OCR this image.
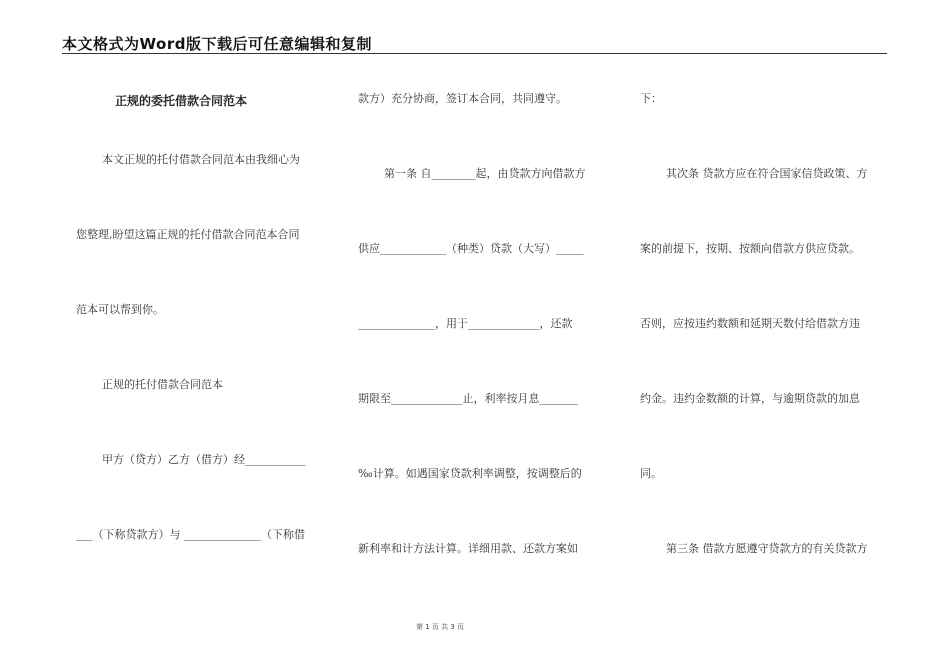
本文格式为Word版下载后可任意编辑和复制
正规的委托借款合同范本
本文正规的托付借款合同范本由我细心为
您整理,盼望这篇正规的托付借款合同范本合同
范本可以帮到你。
正规的托付借款合同范本
甲方（贷方）乙方（借方）经___________
___（下称贷款方）与 ______________（下称借
款方）充分协商，签订本合同，共同遵守。
第一条 自________起，由贷款方向借款方
供应____________（种类）贷款（大写）_____
______________，用于_____________，还款
期限至_____________止，利率按月息_______
‰计算。如遇国家贷款利率调整，按调整后的
新利率和计方法计算。详细用款、还款方案如
下：
其次条 贷款方应在符合国家信贷政策、方
案的前提下，按期、按额向借款方供应贷款。
否则，应按违约数额和延期天数付给借款方违
约金。违约金数额的计算，与逾期贷款的加息
同。
第三条 借款方愿遵守贷款方的有关贷款方
第 1 页 共 3 页
